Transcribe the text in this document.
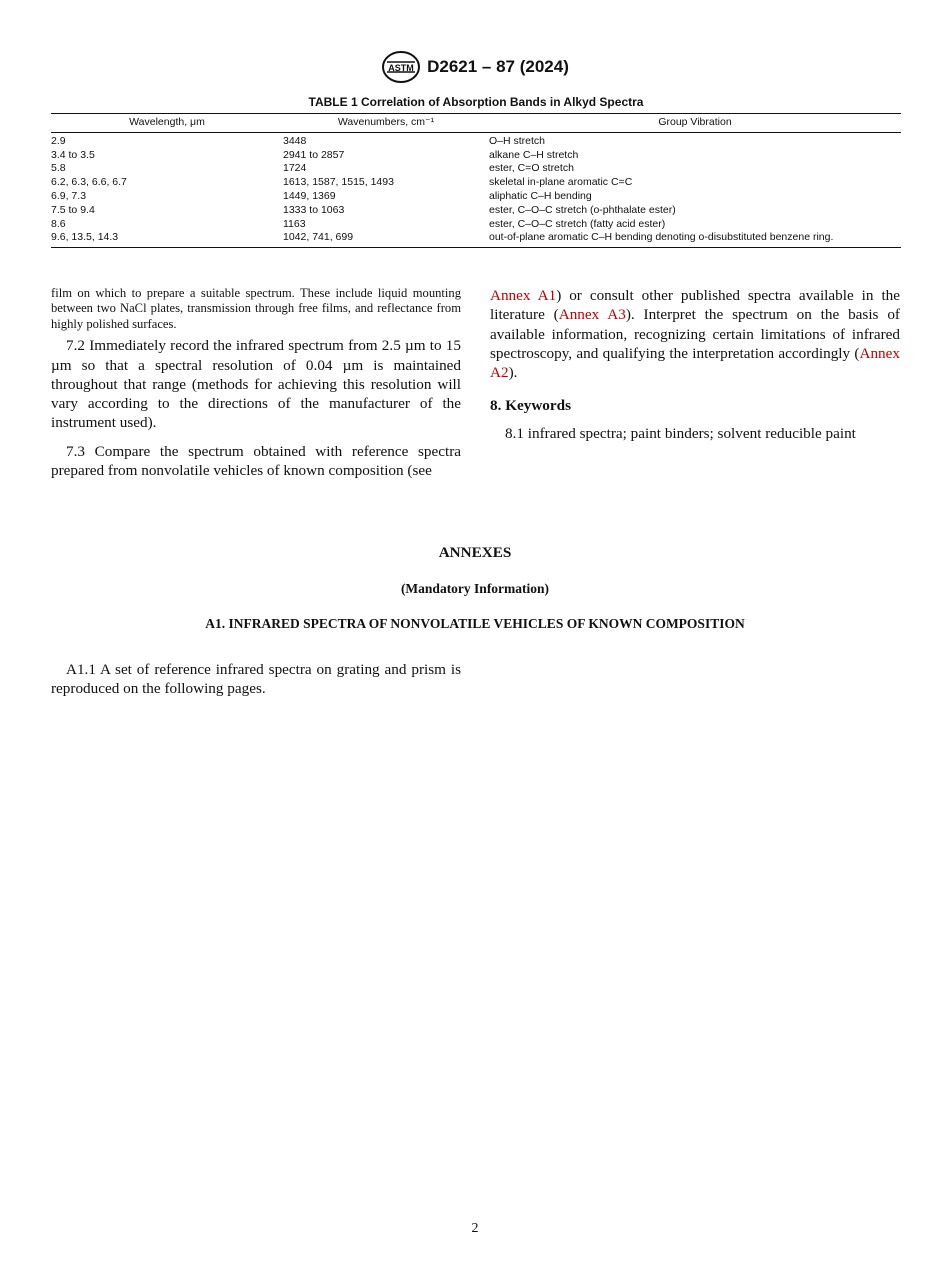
ASTM D2621 – 87 (2024)
TABLE 1 Correlation of Absorption Bands in Alkyd Spectra
Wavelength, μm	Wavenumbers, cm⁻¹	Group Vibration
2.9	3448	O–H stretch
3.4 to 3.5	2941 to 2857	alkane C–H stretch
5.8	1724	ester, C=O stretch
6.2, 6.3, 6.6, 6.7	1613, 1587, 1515, 1493	skeletal in-plane aromatic C=C
6.9, 7.3	1449, 1369	aliphatic C–H bending
7.5 to 9.4	1333 to 1063	ester, C–O–C stretch (o-phthalate ester)
8.6	1163	ester, C–O–C stretch (fatty acid ester)
9.6, 13.5, 14.3	1042, 741, 699	out-of-plane aromatic C–H bending denoting o-disubstituted benzene ring.

film on which to prepare a suitable spectrum. These include liquid mounting between two NaCl plates, transmission through free films, and reflectance from highly polished surfaces.

7.2 Immediately record the infrared spectrum from 2.5 µm to 15 µm so that a spectral resolution of 0.04 µm is maintained throughout that range (methods for achieving this resolution will vary according to the directions of the manufacturer of the instrument used).

7.3 Compare the spectrum obtained with reference spectra prepared from nonvolatile vehicles of known composition (see

Annex A1) or consult other published spectra available in the literature (Annex A3). Interpret the spectrum on the basis of available information, recognizing certain limitations of infrared spectroscopy, and qualifying the interpretation accordingly (Annex A2).

8. Keywords

8.1 infrared spectra; paint binders; solvent reducible paint

ANNEXES
(Mandatory Information)
A1. INFRARED SPECTRA OF NONVOLATILE VEHICLES OF KNOWN COMPOSITION

A1.1 A set of reference infrared spectra on grating and prism is reproduced on the following pages.

2
